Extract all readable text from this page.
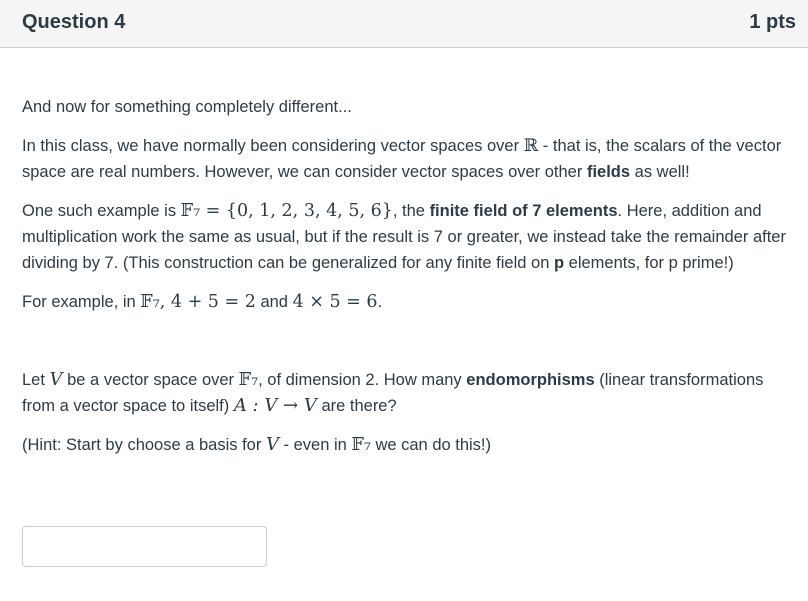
Question 4	1 pts

And now for something completely different...

In this class, we have normally been considering vector spaces over ℝ - that is, the scalars of the vector space are real numbers. However, we can consider vector spaces over other fields as well!

One such example is 𝔽₇ = {0, 1, 2, 3, 4, 5, 6}, the finite field of 7 elements. Here, addition and multiplication work the same as usual, but if the result is 7 or greater, we instead take the remainder after dividing by 7. (This construction can be generalized for any finite field on p elements, for p prime!)

For example, in 𝔽₇, 4 + 5 = 2 and 4 × 5 = 6.

Let V be a vector space over 𝔽₇, of dimension 2. How many endomorphisms (linear transformations from a vector space to itself) A : V → V are there?

(Hint: Start by choose a basis for V - even in 𝔽₇ we can do this!)
